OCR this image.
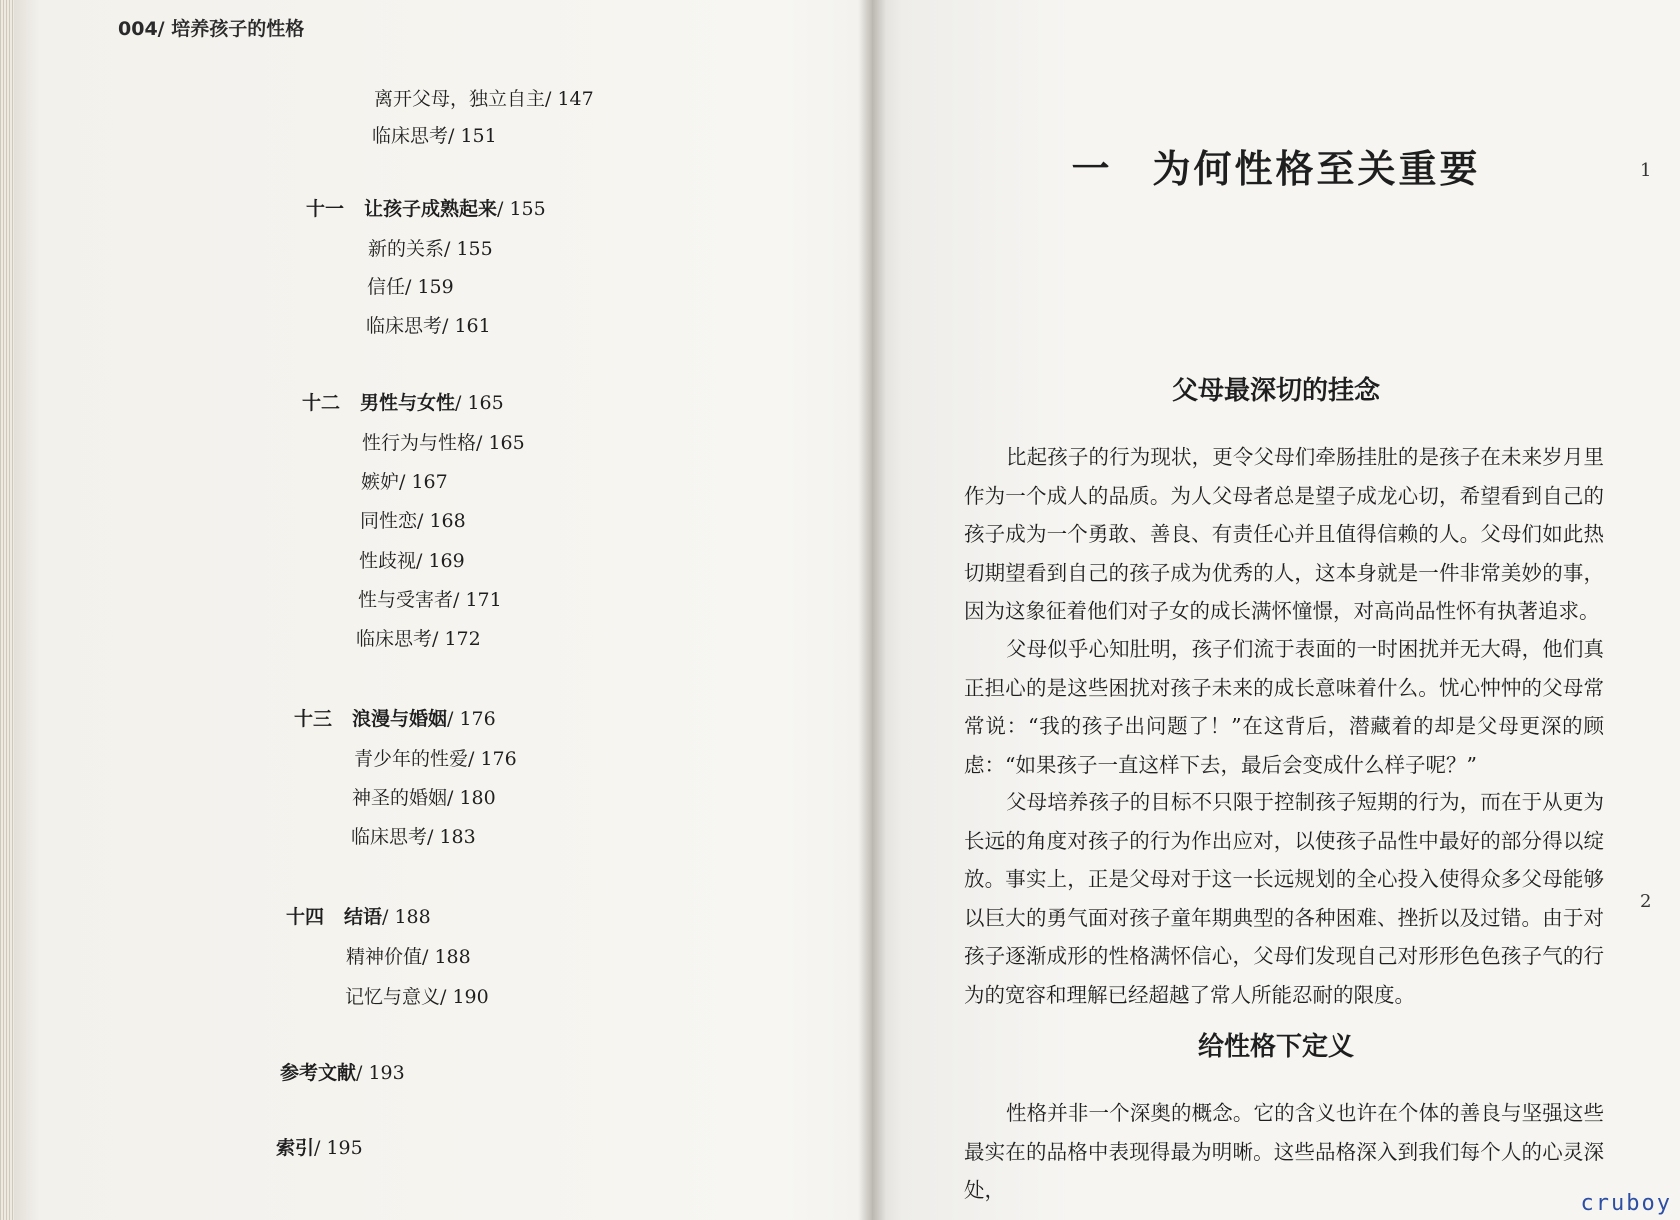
004/ 培养孩子的性格
离开父母，独立自主/ 147
临床思考/ 151
十一 让孩子成熟起来/ 155
新的关系/ 155
信任/ 159
临床思考/ 161
十二 男性与女性/ 165
性行为与性格/ 165
嫉妒/ 167
同性恋/ 168
性歧视/ 169
性与受害者/ 171
临床思考/ 172
十三 浪漫与婚姻/ 176
青少年的性爱/ 176
神圣的婚姻/ 180
临床思考/ 183
十四 结语/ 188
精神价值/ 188
记忆与意义/ 190
参考文献/ 193
索引/ 195
一 为何性格至关重要	1
父母最深切的挂念
比起孩子的行为现状，更令父母们牵肠挂肚的是孩子在未来岁月里作为一个成人的品质。为人父母者总是望子成龙心切，希望看到自己的孩子成为一个勇敢、善良、有责任心并且值得信赖的人。父母们如此热切期望看到自己的孩子成为优秀的人，这本身就是一件非常美妙的事，因为这象征着他们对子女的成长满怀憧憬，对高尚品性怀有执著追求。
父母似乎心知肚明，孩子们流于表面的一时困扰并无大碍，他们真正担心的是这些困扰对孩子未来的成长意味着什么。忧心忡忡的父母常常说：“我的孩子出问题了！”在这背后，潜藏着的却是父母更深的顾虑：“如果孩子一直这样下去，最后会变成什么样子呢？”
父母培养孩子的目标不只限于控制孩子短期的行为，而在于从更为长远的角度对孩子的行为作出应对，以使孩子品性中最好的部分得以绽放。事实上，正是父母对于这一长远规划的全心投入使得众多父母能够以巨大的勇气面对孩子童年期典型的各种困难、挫折以及过错。由于对孩子逐渐成形的性格满怀信心，父母们发现自己对形形色色孩子气的行为的宽容和理解已经超越了常人所能忍耐的限度。
2
给性格下定义
性格并非一个深奥的概念。它的含义也许在个体的善良与坚强这些最实在的品格中表现得最为明晰。这些品格深入到我们每个人的心灵深处，
cruboy
